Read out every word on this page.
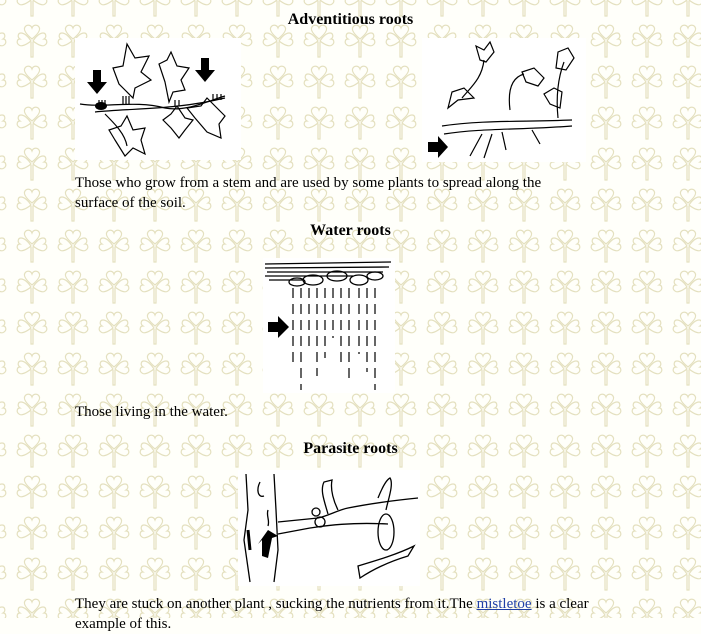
Adventitious roots

Those who grow from a stem and are used by some plants to spread along the surface of the soil.

Water roots

Those living in the water.

Parasite roots

They are stuck on another plant , sucking the nutrients from it.The mistletoe is a clear
example of this.
